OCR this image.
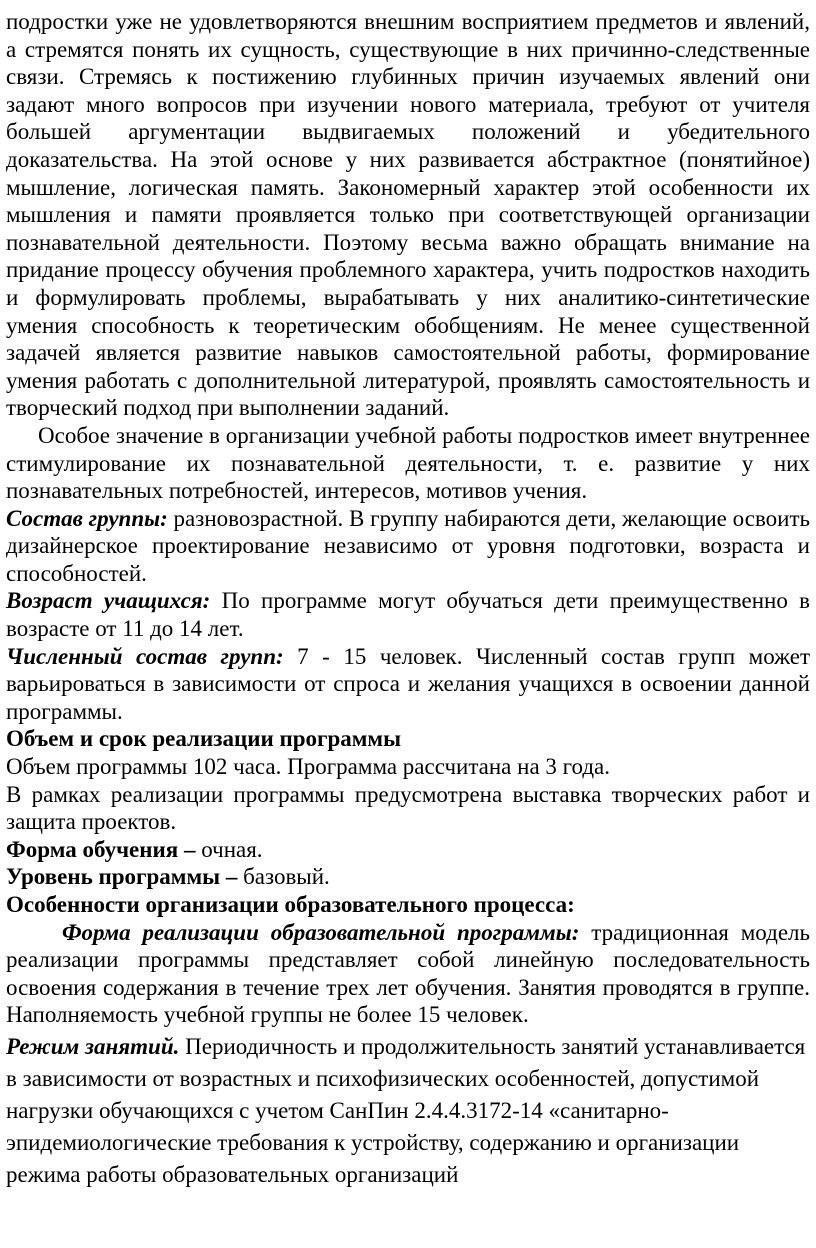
подростки уже не удовлетворяются внешним восприятием предметов и явлений, а стремятся понять их сущность, существующие в них причинно-следственные связи. Стремясь к постижению глубинных причин изучаемых явлений они задают много вопросов при изучении нового материала, требуют от учителя большей аргументации выдвигаемых положений и убедительного доказательства. На этой основе у них развивается абстрактное (понятийное) мышление, логическая память. Закономерный характер этой особенности их мышления и памяти проявляется только при соответствующей организации познавательной деятельности. Поэтому весьма важно обращать внимание на придание процессу обучения проблемного характера, учить подростков находить и формулировать проблемы, вырабатывать у них аналитико-синтетические умения способность к теоретическим обобщениям. Не менее существенной задачей является развитие навыков самостоятельной работы, формирование умения работать с дополнительной литературой, проявлять самостоятельность и творческий подход при выполнении заданий.

Особое значение в организации учебной работы подростков имеет внутреннее стимулирование их познавательной деятельности, т. е. развитие у них познавательных потребностей, интересов, мотивов учения.

Состав группы: разновозрастной. В группу набираются дети, желающие освоить дизайнерское проектирование независимо от уровня подготовки, возраста и способностей.

Возраст учащихся: По программе могут обучаться дети преимущественно в возрасте от 11 до 14 лет.

Численный состав групп: 7 - 15 человек. Численный состав групп может варьироваться в зависимости от спроса и желания учащихся в освоении данной программы.

Объем и срок реализации программы

Объем программы 102 часа. Программа рассчитана на 3 года.

В рамках реализации программы предусмотрена выставка творческих работ и защита проектов.

Форма обучения – очная.

Уровень программы – базовый.

Особенности организации образовательного процесса:

Форма реализации образовательной программы: традиционная модель реализации программы представляет собой линейную последовательность освоения содержания в течение трех лет обучения. Занятия проводятся в группе. Наполняемость учебной группы не более 15 человек.

Режим занятий. Периодичность и продолжительность занятий устанавливается в зависимости от возрастных и психофизических особенностей, допустимой нагрузки обучающихся с учетом СанПин 2.4.4.3172-14 «санитарно-эпидемиологические требования к устройству, содержанию и организации режима работы образовательных организаций
